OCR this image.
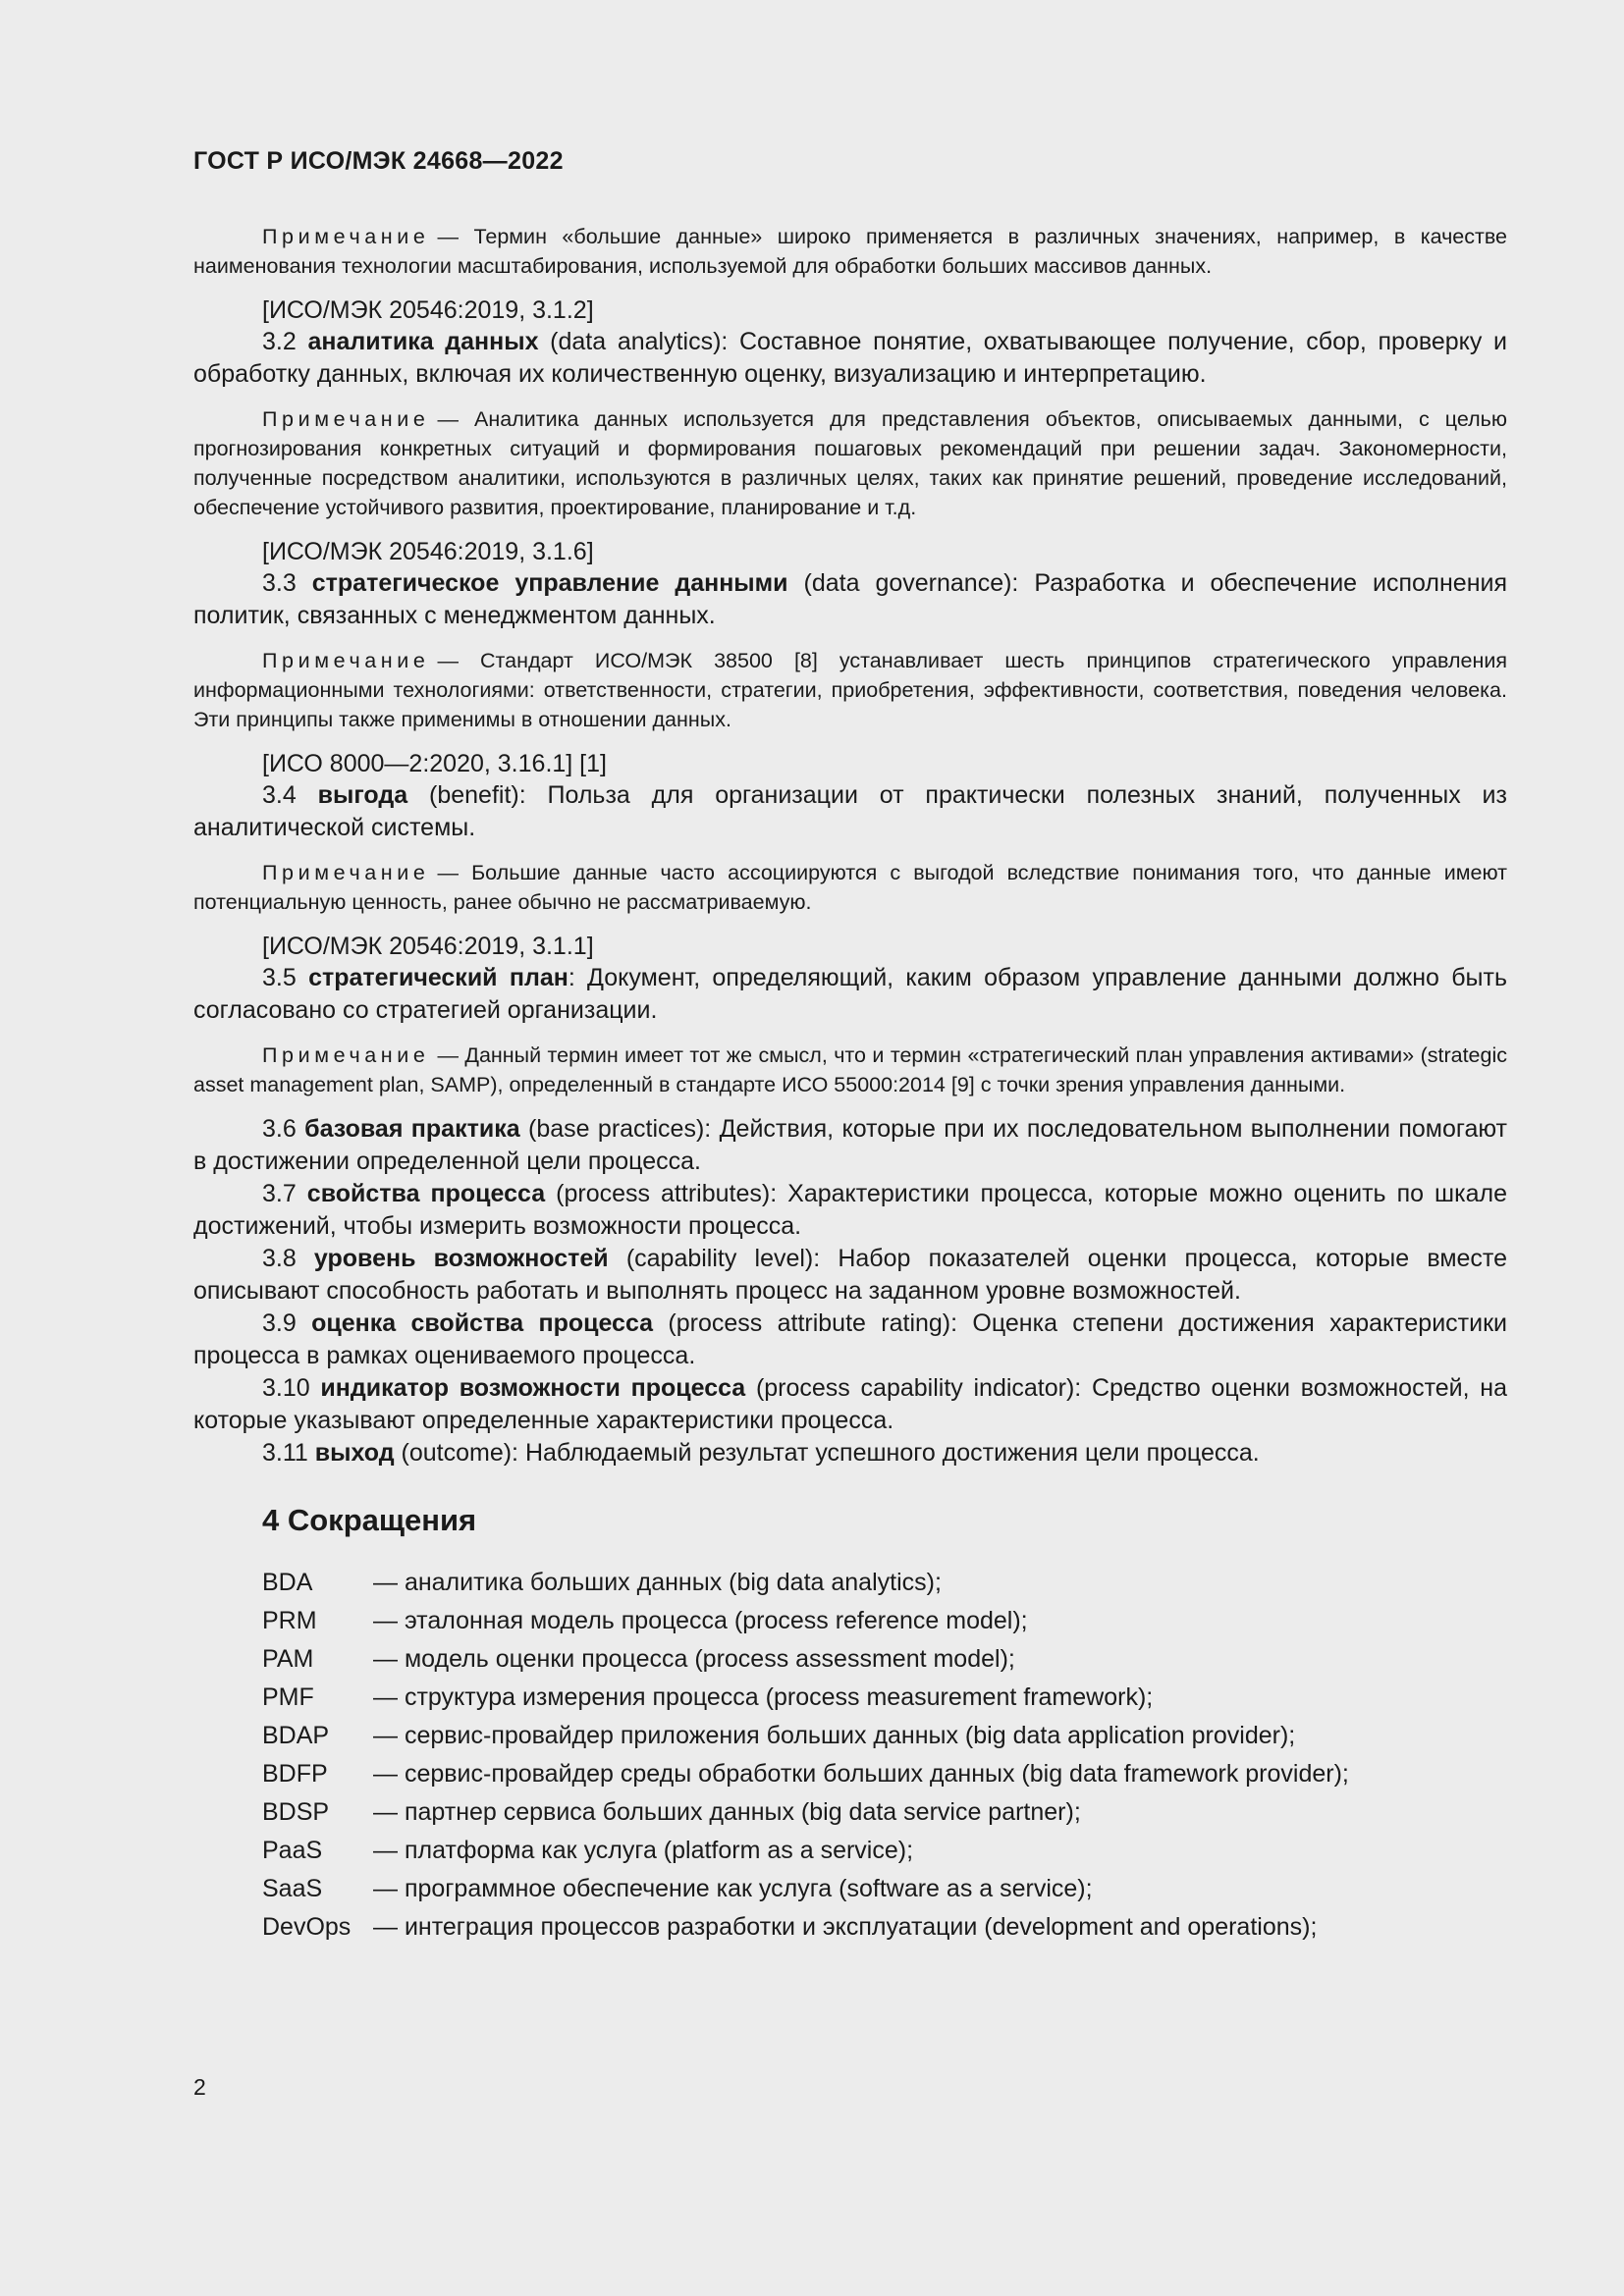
ГОСТ Р ИСО/МЭК 24668—2022

Примечание — Термин «большие данные» широко применяется в различных значениях, например, в качестве наименования технологии масштабирования, используемой для обработки больших массивов данных.

[ИСО/МЭК 20546:2019, 3.1.2]

3.2 аналитика данных (data analytics): Составное понятие, охватывающее получение, сбор, проверку и обработку данных, включая их количественную оценку, визуализацию и интерпретацию.

Примечание — Аналитика данных используется для представления объектов, описываемых данными, с целью прогнозирования конкретных ситуаций и формирования пошаговых рекомендаций при решении задач. Закономерности, полученные посредством аналитики, используются в различных целях, таких как принятие решений, проведение исследований, обеспечение устойчивого развития, проектирование, планирование и т.д.

[ИСО/МЭК 20546:2019, 3.1.6]

3.3 стратегическое управление данными (data governance): Разработка и обеспечение исполнения политик, связанных с менеджментом данных.

Примечание — Стандарт ИСО/МЭК 38500 [8] устанавливает шесть принципов стратегического управления информационными технологиями: ответственности, стратегии, приобретения, эффективности, соответствия, поведения человека. Эти принципы также применимы в отношении данных.

[ИСО 8000—2:2020, 3.16.1] [1]

3.4 выгода (benefit): Польза для организации от практически полезных знаний, полученных из аналитической системы.

Примечание — Большие данные часто ассоциируются с выгодой вследствие понимания того, что данные имеют потенциальную ценность, ранее обычно не рассматриваемую.

[ИСО/МЭК 20546:2019, 3.1.1]

3.5 стратегический план: Документ, определяющий, каким образом управление данными должно быть согласовано со стратегией организации.

Примечание — Данный термин имеет тот же смысл, что и термин «стратегический план управления активами» (strategic asset management plan, SAMP), определенный в стандарте ИСО 55000:2014 [9] с точки зрения управления данными.

3.6 базовая практика (base practices): Действия, которые при их последовательном выполнении помогают в достижении определенной цели процесса.

3.7 свойства процесса (process attributes): Характеристики процесса, которые можно оценить по шкале достижений, чтобы измерить возможности процесса.

3.8 уровень возможностей (capability level): Набор показателей оценки процесса, которые вместе описывают способность работать и выполнять процесс на заданном уровне возможностей.

3.9 оценка свойства процесса (process attribute rating): Оценка степени достижения характеристики процесса в рамках оцениваемого процесса.

3.10 индикатор возможности процесса (process capability indicator): Средство оценки возможностей, на которые указывают определенные характеристики процесса.

3.11 выход (outcome): Наблюдаемый результат успешного достижения цели процесса.

4 Сокращения
BDA	— аналитика больших данных (big data analytics);
PRM	— эталонная модель процесса (process reference model);
PAM	— модель оценки процесса (process assessment model);
PMF	— структура измерения процесса (process measurement framework);
BDAP	— сервис-провайдер приложения больших данных (big data application provider);
BDFP	— сервис-провайдер среды обработки больших данных (big data framework provider);
BDSP	— партнер сервиса больших данных (big data service partner);
PaaS	— платформа как услуга (platform as a service);
SaaS	— программное обеспечение как услуга (software as a service);
DevOps — интеграция процессов разработки и эксплуатации (development and operations);
2
